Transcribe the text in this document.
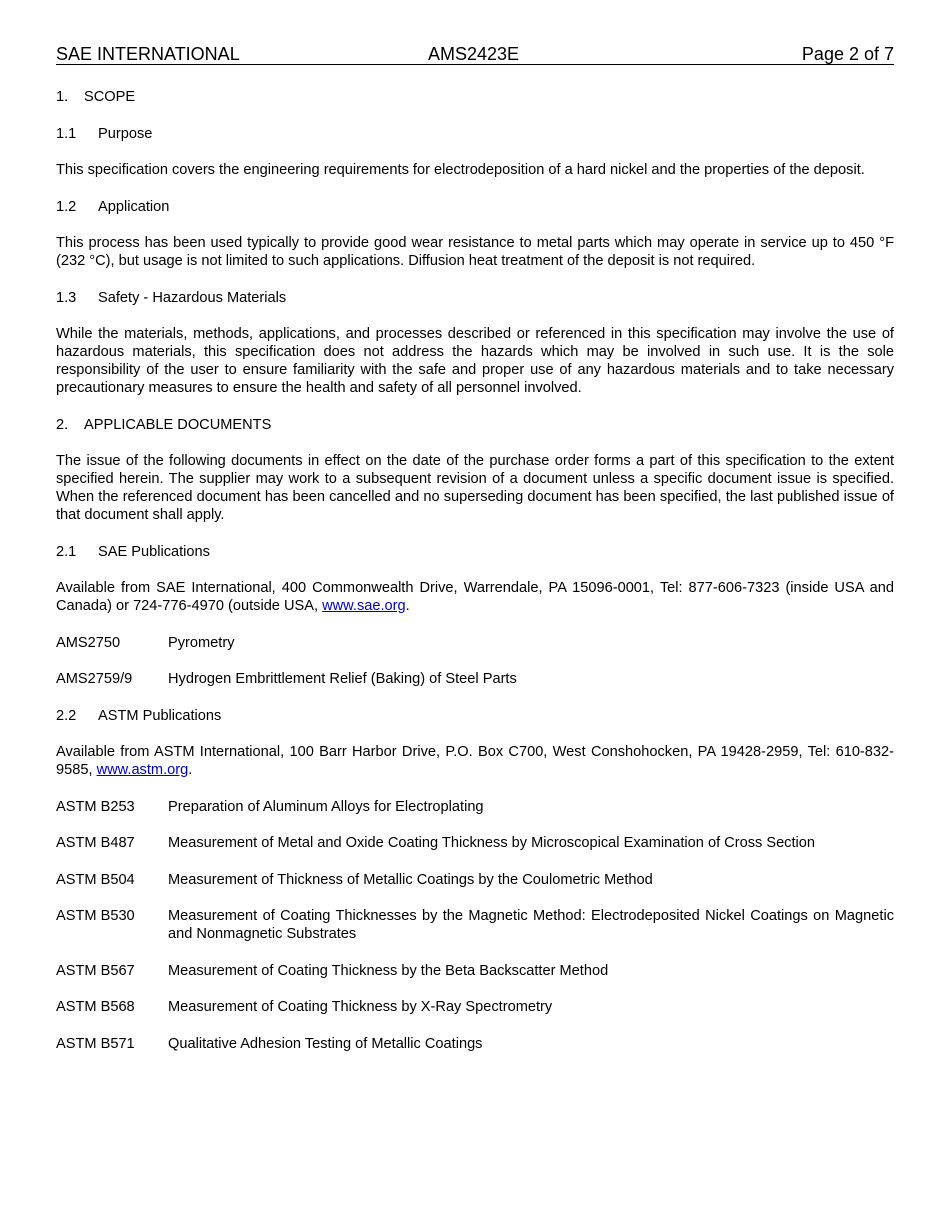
SAE INTERNATIONAL	AMS2423E	Page 2 of 7

1. SCOPE

1.1 Purpose

This specification covers the engineering requirements for electrodeposition of a hard nickel and the properties of the deposit.

1.2 Application

This process has been used typically to provide good wear resistance to metal parts which may operate in service up to 450 °F (232 °C), but usage is not limited to such applications. Diffusion heat treatment of the deposit is not required.

1.3 Safety - Hazardous Materials

While the materials, methods, applications, and processes described or referenced in this specification may involve the use of hazardous materials, this specification does not address the hazards which may be involved in such use. It is the sole responsibility of the user to ensure familiarity with the safe and proper use of any hazardous materials and to take necessary precautionary measures to ensure the health and safety of all personnel involved.

2. APPLICABLE DOCUMENTS

The issue of the following documents in effect on the date of the purchase order forms a part of this specification to the extent specified herein. The supplier may work to a subsequent revision of a document unless a specific document issue is specified. When the referenced document has been cancelled and no superseding document has been specified, the last published issue of that document shall apply.

2.1 SAE Publications

Available from SAE International, 400 Commonwealth Drive, Warrendale, PA 15096-0001, Tel: 877-606-7323 (inside USA and Canada) or 724-776-4970 (outside USA, www.sae.org.

AMS2750	Pyrometry
AMS2759/9	Hydrogen Embrittlement Relief (Baking) of Steel Parts

2.2 ASTM Publications

Available from ASTM International, 100 Barr Harbor Drive, P.O. Box C700, West Conshohocken, PA 19428-2959, Tel: 610-832-9585, www.astm.org.

ASTM B253	Preparation of Aluminum Alloys for Electroplating
ASTM B487	Measurement of Metal and Oxide Coating Thickness by Microscopical Examination of Cross Section
ASTM B504	Measurement of Thickness of Metallic Coatings by the Coulometric Method
ASTM B530	Measurement of Coating Thicknesses by the Magnetic Method: Electrodeposited Nickel Coatings on Magnetic and Nonmagnetic Substrates
ASTM B567	Measurement of Coating Thickness by the Beta Backscatter Method
ASTM B568	Measurement of Coating Thickness by X-Ray Spectrometry
ASTM B571	Qualitative Adhesion Testing of Metallic Coatings
